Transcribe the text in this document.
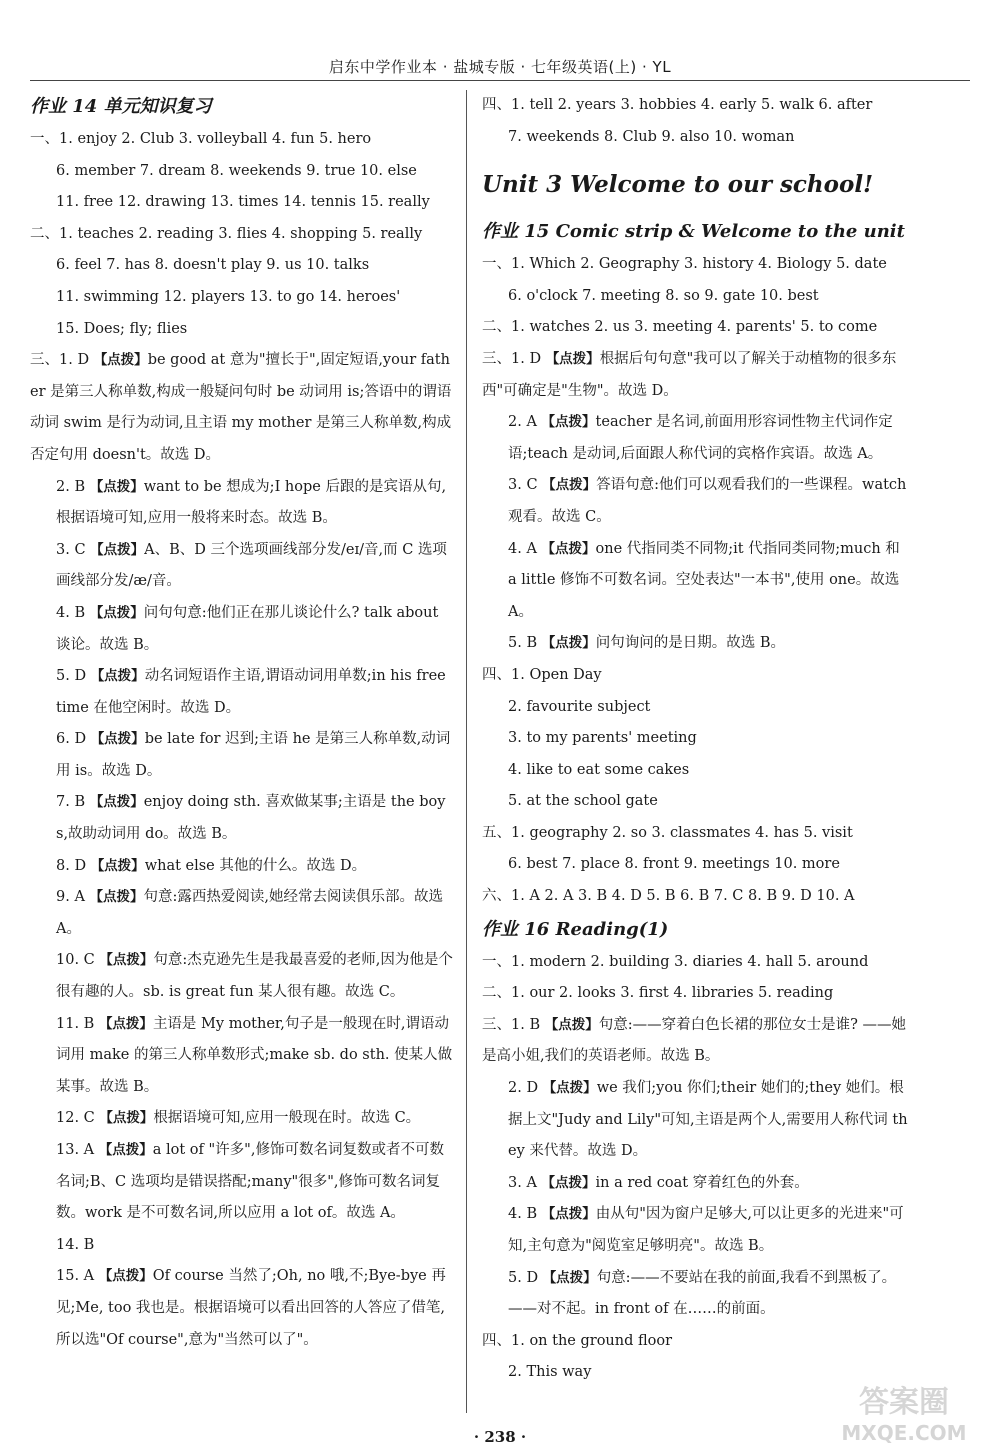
启东中学作业本 · 盐城专版 · 七年级英语(上) · YL
作业 14 单元知识复习
一、1. enjoy 2. Club 3. volleyball 4. fun 5. hero
6. member 7. dream 8. weekends 9. true 10. else
11. free 12. drawing 13. times 14. tennis 15. really
二、1. teaches 2. reading 3. flies 4. shopping 5. really
6. feel 7. has 8. doesn't play 9. us 10. talks
11. swimming 12. players 13. to go 14. heroes'
15. Does; fly; flies
三、1. D 【点拨】be good at 意为"擅长于",固定短语,your father 是第三人称单数,构成一般疑问句时 be 动词用 is;答语中的谓语动词 swim 是行为动词,且主语 my mother 是第三人称单数,构成否定句用 doesn't。故选 D。
2. B 【点拨】want to be 想成为;I hope 后跟的是宾语从句,根据语境可知,应用一般将来时态。故选 B。
3. C 【点拨】A、B、D 三个选项画线部分发/eɪ/音,而 C 选项画线部分发/æ/音。
4. B 【点拨】问句句意:他们正在那儿谈论什么? talk about 谈论。故选 B。
5. D 【点拨】动名词短语作主语,谓语动词用单数;in his free time 在他空闲时。故选 D。
6. D 【点拨】be late for 迟到;主语 he 是第三人称单数,动词用 is。故选 D。
7. B 【点拨】enjoy doing sth. 喜欢做某事;主语是 the boys,故助动词用 do。故选 B。
8. D 【点拨】what else 其他的什么。故选 D。
9. A 【点拨】句意:露西热爱阅读,她经常去阅读俱乐部。故选 A。
10. C 【点拨】句意:杰克逊先生是我最喜爱的老师,因为他是个很有趣的人。sb. is great fun 某人很有趣。故选 C。
11. B 【点拨】主语是 My mother,句子是一般现在时,谓语动词用 make 的第三人称单数形式;make sb. do sth. 使某人做某事。故选 B。
12. C 【点拨】根据语境可知,应用一般现在时。故选 C。
13. A 【点拨】a lot of "许多",修饰可数名词复数或者不可数名词;B、C 选项均是错误搭配;many"很多",修饰可数名词复数。work 是不可数名词,所以应用 a lot of。故选 A。
14. B
15. A 【点拨】Of course 当然了;Oh, no 哦,不;Bye-bye 再见;Me, too 我也是。根据语境可以看出回答的人答应了借笔,所以选"Of course",意为"当然可以了"。
四、1. tell 2. years 3. hobbies 4. early 5. walk 6. after
7. weekends 8. Club 9. also 10. woman
Unit 3 Welcome to our school!
作业 15 Comic strip & Welcome to the unit
一、1. Which 2. Geography 3. history 4. Biology 5. date
6. o'clock 7. meeting 8. so 9. gate 10. best
二、1. watches 2. us 3. meeting 4. parents' 5. to come
三、1. D 【点拨】根据后句句意"我可以了解关于动植物的很多东西"可确定是"生物"。故选 D。
2. A 【点拨】teacher 是名词,前面用形容词性物主代词作定语;teach 是动词,后面跟人称代词的宾格作宾语。故选 A。
3. C 【点拨】答语句意:他们可以观看我们的一些课程。watch 观看。故选 C。
4. A 【点拨】one 代指同类不同物;it 代指同类同物;much 和 a little 修饰不可数名词。空处表达"一本书",使用 one。故选 A。
5. B 【点拨】问句询问的是日期。故选 B。
四、1. Open Day
2. favourite subject
3. to my parents' meeting
4. like to eat some cakes
5. at the school gate
五、1. geography 2. so 3. classmates 4. has 5. visit
6. best 7. place 8. front 9. meetings 10. more
六、1. A 2. A 3. B 4. D 5. B 6. B 7. C 8. B 9. D 10. A
作业 16 Reading(1)
一、1. modern 2. building 3. diaries 4. hall 5. around
二、1. our 2. looks 3. first 4. libraries 5. reading
三、1. B 【点拨】句意:——穿着白色长裙的那位女士是谁? ——她是高小姐,我们的英语老师。故选 B。
2. D 【点拨】we 我们;you 你们;their 她们的;they 她们。根据上文"Judy and Lily"可知,主语是两个人,需要用人称代词 they 来代替。故选 D。
3. A 【点拨】in a red coat 穿着红色的外套。
4. B 【点拨】由从句"因为窗户足够大,可以让更多的光进来"可知,主句意为"阅览室足够明亮"。故选 B。
5. D 【点拨】句意:——不要站在我的前面,我看不到黑板了。——对不起。in front of 在……的前面。
四、1. on the ground floor
2. This way
· 238 ·
答案圈
MXQE.COM
